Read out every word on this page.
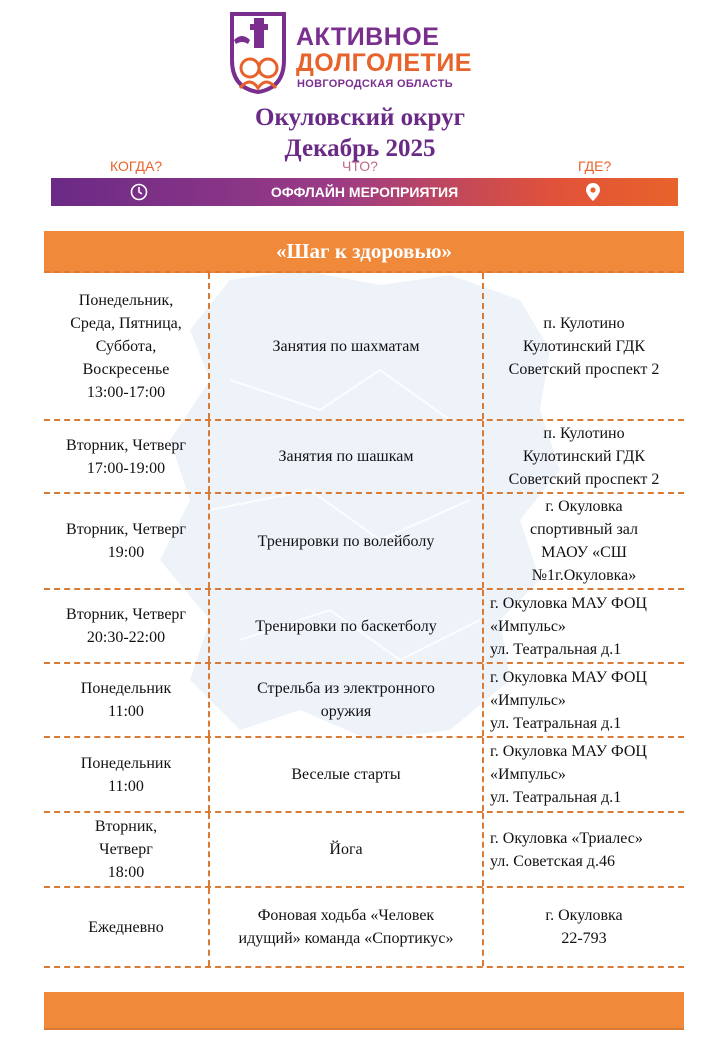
АКТИВНОЕ
ДОЛГОЛЕТИЕ
НОВГОРОДСКАЯ ОБЛАСТЬ
Окуловский округ
Декабрь 2025
КОГДА?	ЧТО?	ГДЕ?
ОФФЛАЙН МЕРОПРИЯТИЯ
«Шаг к здоровью»
Понедельник,
Среда, Пятница,
Суббота,
Воскресенье
13:00-17:00
Занятия по шахматам
п. Кулотино
Кулотинский ГДК
Советский проспект 2
Вторник, Четверг
17:00-19:00
Занятия по шашкам
п. Кулотино
Кулотинский ГДК
Советский проспект 2
Вторник, Четверг
19:00
Тренировки по волейболу
г. Окуловка
спортивный зал
МАОУ «СШ
№1г.Окуловка»
Вторник, Четверг
20:30-22:00
Тренировки по баскетболу
г. Окуловка МАУ ФОЦ
«Импульс»
ул. Театральная д.1
Понедельник
11:00
Стрельба из электронного
оружия
г. Окуловка МАУ ФОЦ
«Импульс»
ул. Театральная д.1
Понедельник
11:00
Веселые старты
г. Окуловка МАУ ФОЦ
«Импульс»
ул. Театральная д.1
Вторник,
Четверг
18:00
Йога
г. Окуловка «Триалес»
ул. Советская д.46
Ежедневно
Фоновая ходьба «Человек
идущий» команда «Спортикус»
г. Окуловка
22-793
